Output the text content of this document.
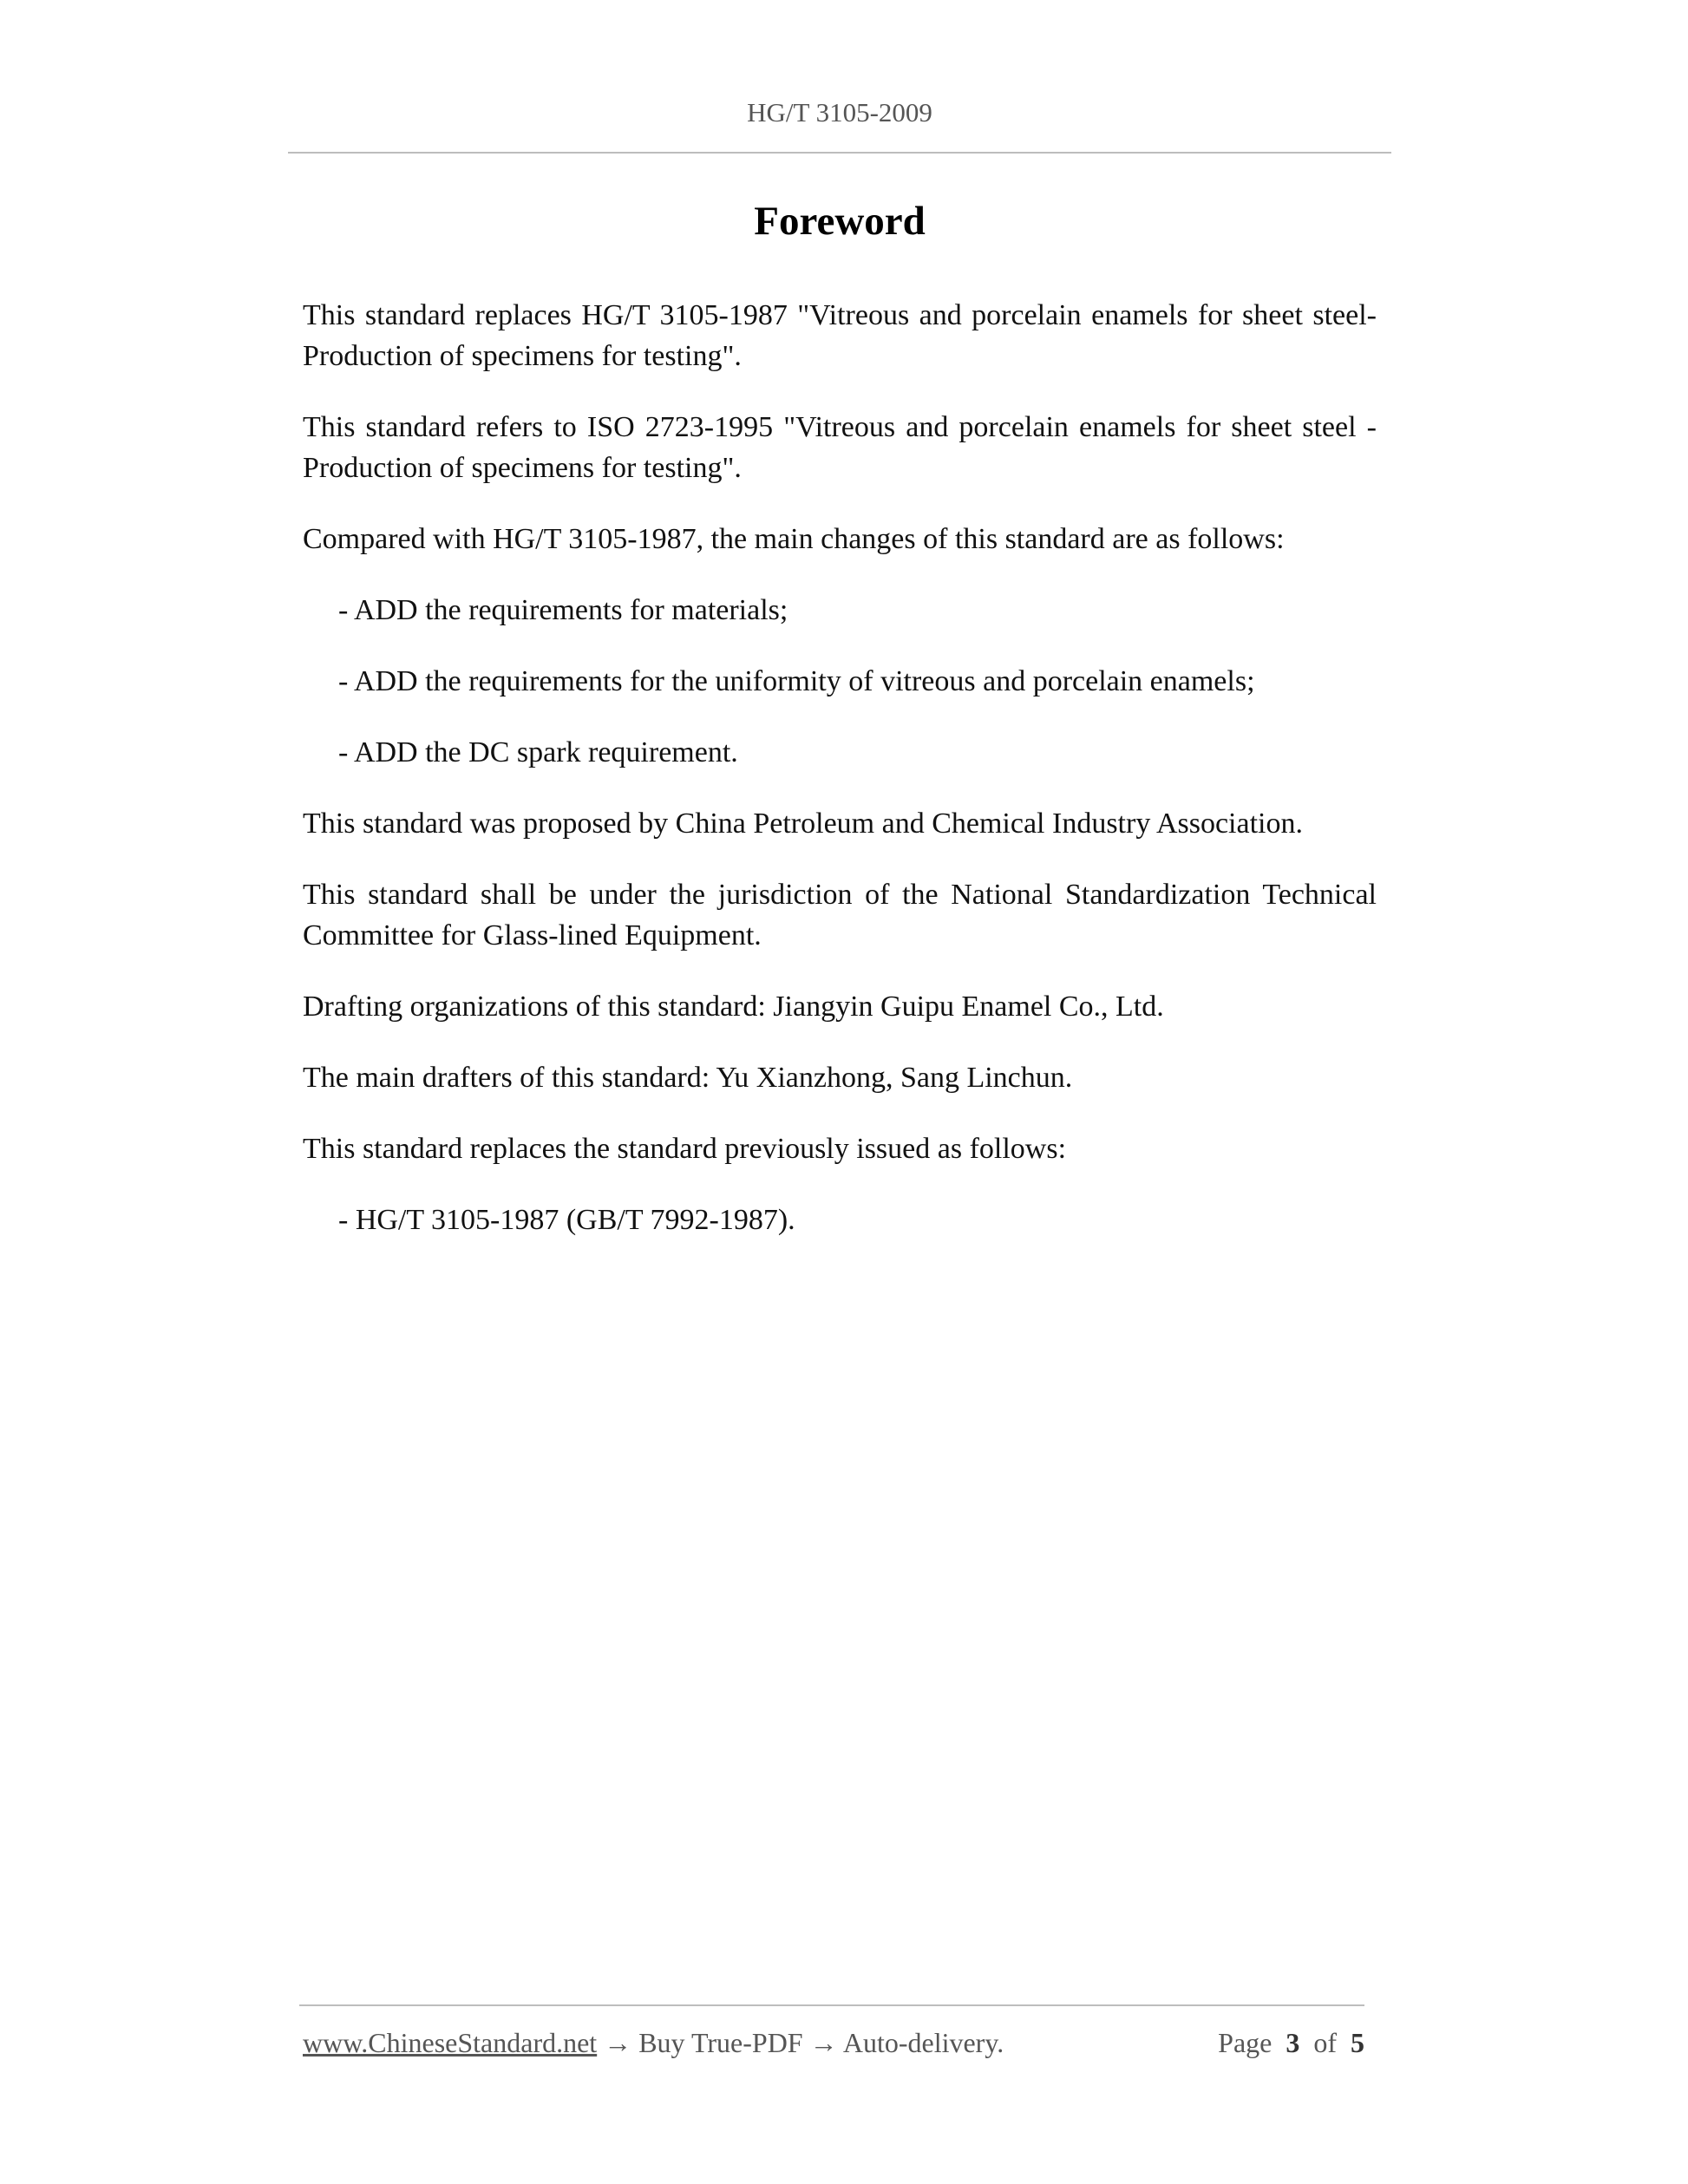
HG/T 3105-2009
Foreword

This standard replaces HG/T 3105-1987 "Vitreous and porcelain enamels for sheet steel-Production of specimens for testing".

This standard refers to ISO 2723-1995 "Vitreous and porcelain enamels for sheet steel - Production of specimens for testing".

Compared with HG/T 3105-1987, the main changes of this standard are as follows:

- ADD the requirements for materials;

- ADD the requirements for the uniformity of vitreous and porcelain enamels;

- ADD the DC spark requirement.

This standard was proposed by China Petroleum and Chemical Industry Association.

This standard shall be under the jurisdiction of the National Standardization Technical Committee for Glass-lined Equipment.

Drafting organizations of this standard: Jiangyin Guipu Enamel Co., Ltd.

The main drafters of this standard: Yu Xianzhong, Sang Linchun.

This standard replaces the standard previously issued as follows:

- HG/T 3105-1987 (GB/T 7992-1987).

www.ChineseStandard.net → Buy True-PDF → Auto-delivery.	Page 3 of 5
